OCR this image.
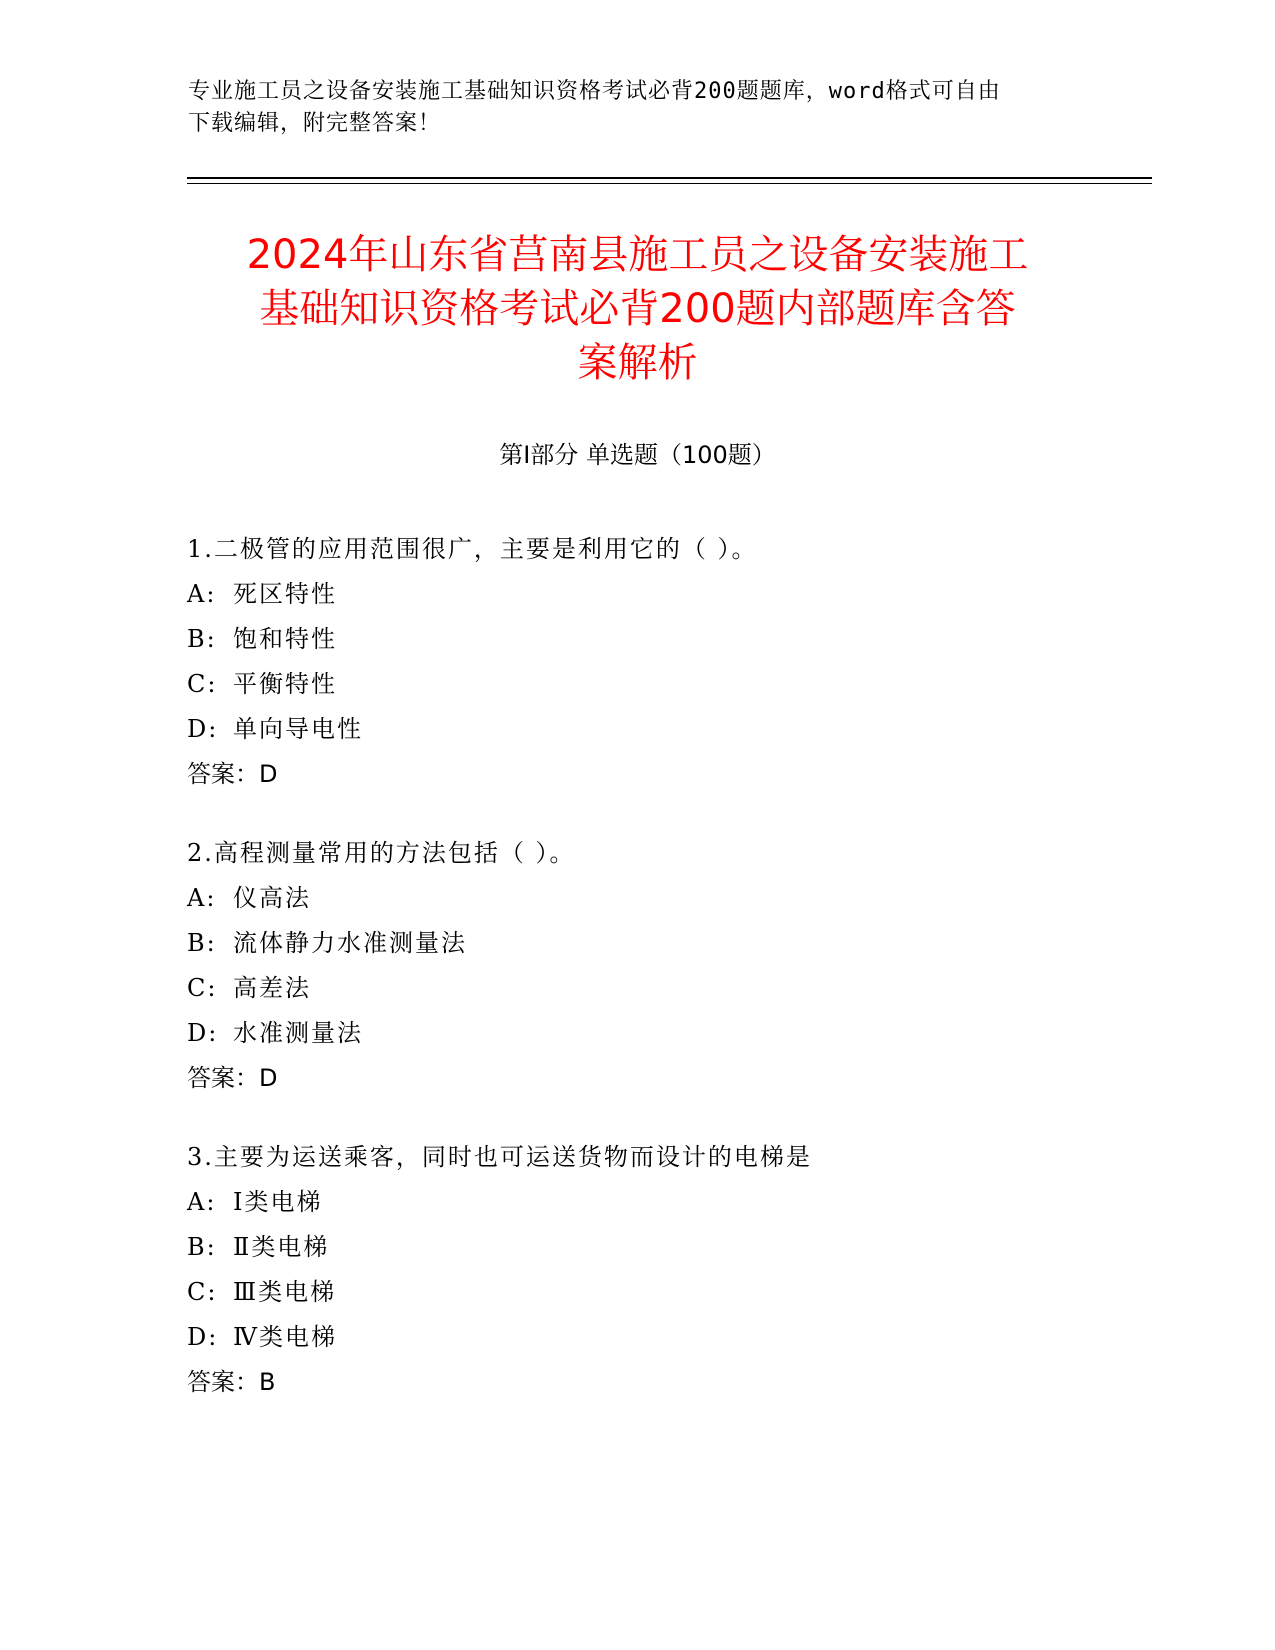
专业施工员之设备安装施工基础知识资格考试必背200题题库，word格式可自由
下载编辑，附完整答案！
2024年山东省莒南县施工员之设备安装施工
基础知识资格考试必背200题内部题库含答
案解析
第Ⅰ部分 单选题（100题）
1.二极管的应用范围很广，主要是利用它的（ ）。
A: 死区特性
B: 饱和特性
C: 平衡特性
D: 单向导电性
答案：D
2.高程测量常用的方法包括（ ）。
A: 仪高法
B: 流体静力水准测量法
C: 高差法
D: 水准测量法
答案：D
3.主要为运送乘客，同时也可运送货物而设计的电梯是
A: Ⅰ类电梯
B: Ⅱ类电梯
C: Ⅲ类电梯
D: Ⅳ类电梯
答案：B
